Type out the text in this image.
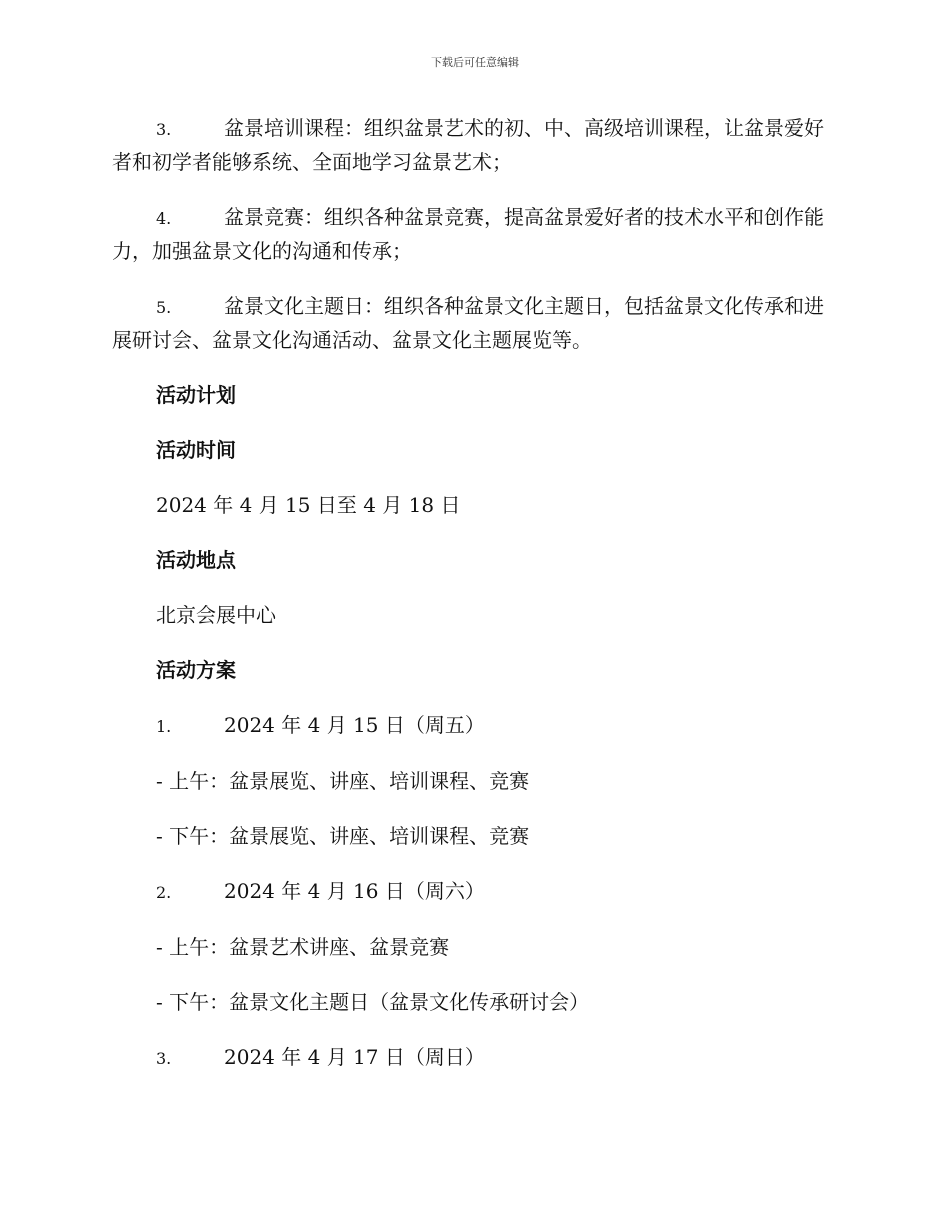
下载后可任意编辑

3.	盆景培训课程：组织盆景艺术的初、中、高级培训课程，让盆景爱好者和初学者能够系统、全面地学习盆景艺术；

4.	盆景竞赛：组织各种盆景竞赛，提高盆景爱好者的技术水平和创作能力，加强盆景文化的沟通和传承；

5.	盆景文化主题日：组织各种盆景文化主题日，包括盆景文化传承和进展研讨会、盆景文化沟通活动、盆景文化主题展览等。

活动计划
活动时间
2024 年 4 月 15 日至 4 月 18 日
活动地点
北京会展中心
活动方案
1.	2024 年 4 月 15 日（周五）
- 上午：盆景展览、讲座、培训课程、竞赛
- 下午：盆景展览、讲座、培训课程、竞赛
2.	2024 年 4 月 16 日（周六）
- 上午：盆景艺术讲座、盆景竞赛
- 下午：盆景文化主题日（盆景文化传承研讨会）
3.	2024 年 4 月 17 日（周日）
